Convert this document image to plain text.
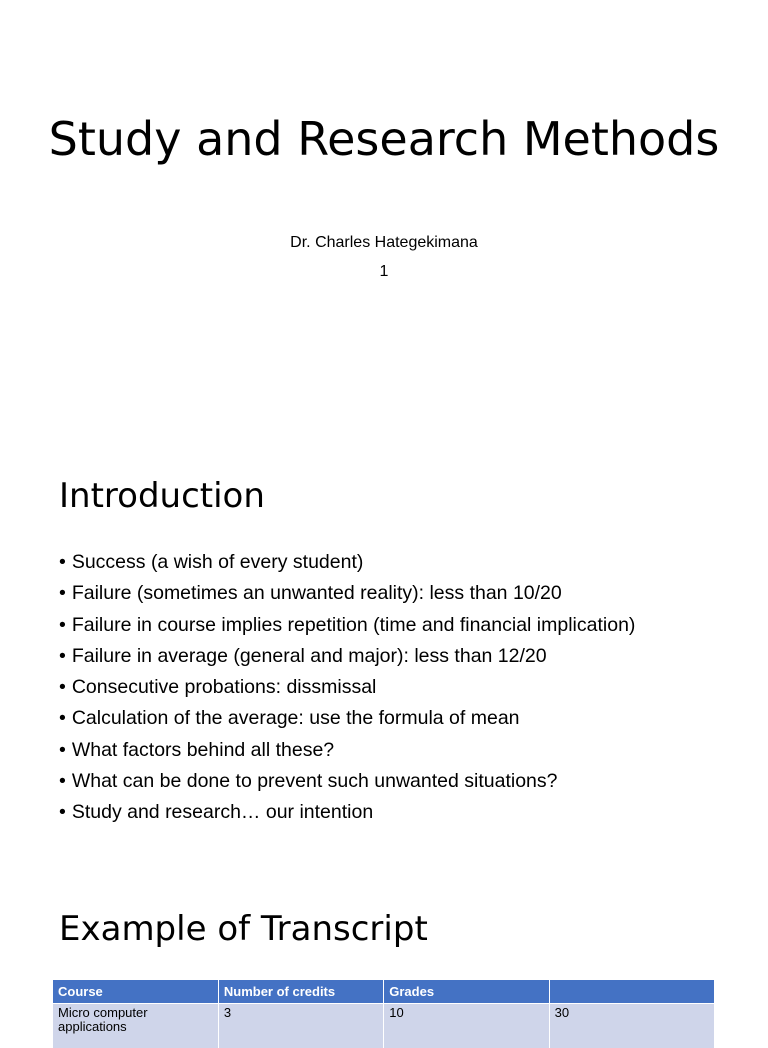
Study and Research Methods
Dr. Charles Hategekimana
1
Introduction
• Success (a wish of every student)
• Failure (sometimes an unwanted reality): less than 10/20
• Failure in course implies repetition (time and financial implication)
• Failure in average (general and major): less than 12/20
• Consecutive probations: dissmissal
• Calculation of the average: use the formula of mean
• What factors behind all these?
• What can be done to prevent such unwanted situations?
• Study and research… our intention
Example of Transcript
Course	Number of credits	Grades	
Micro computer applications	3	10	30
